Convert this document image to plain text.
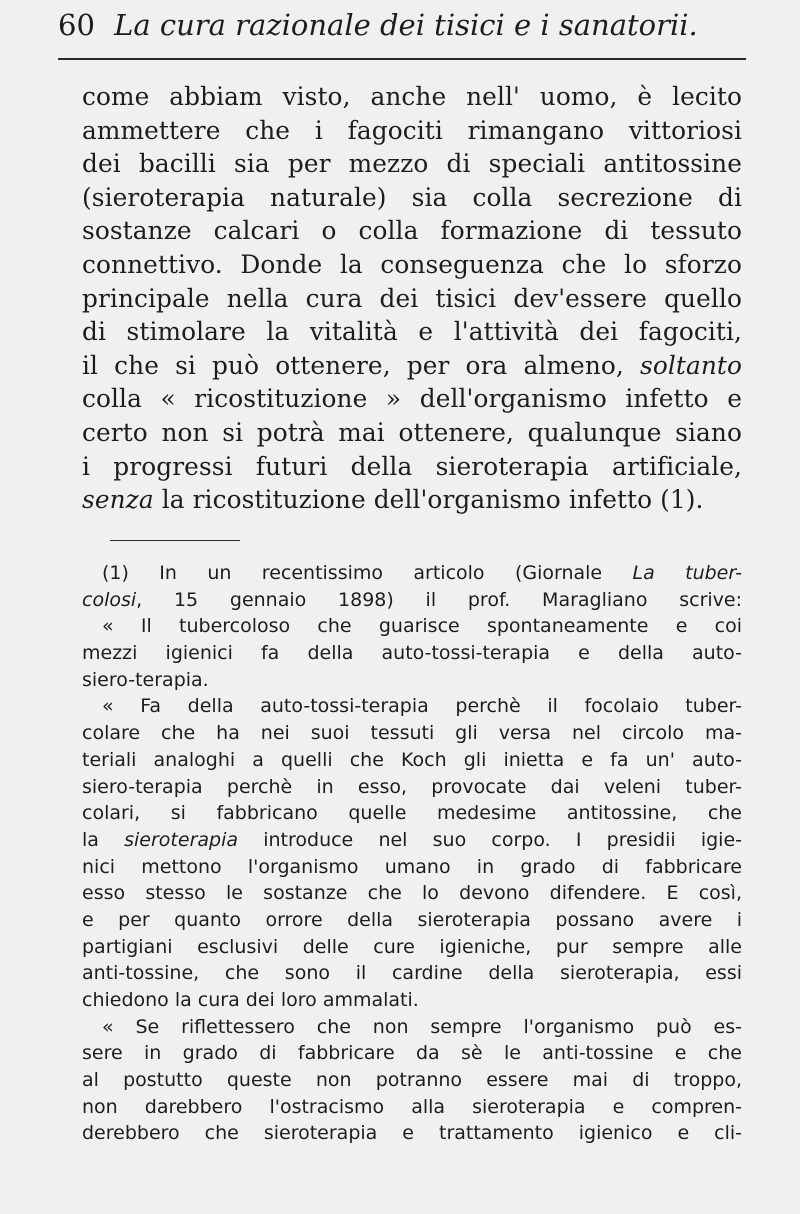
60 La cura razionale dei tisici e i sanatorii.
come abbiam visto, anche nell' uomo, è lecito
ammettere che i fagociti rimangano vittoriosi
dei bacilli sia per mezzo di speciali antitossine
(sieroterapia naturale) sia colla secrezione di
sostanze calcari o colla formazione di tessuto
connettivo. Donde la conseguenza che lo sforzo
principale nella cura dei tisici dev'essere quello
di stimolare la vitalità e l'attività dei fagociti,
il che si può ottenere, per ora almeno, soltanto
colla « ricostituzione » dell'organismo infetto e
certo non si potrà mai ottenere, qualunque siano
i progressi futuri della sieroterapia artificiale,
senza la ricostituzione dell'organismo infetto (1).
(1) In un recentissimo articolo (Giornale La tuber-
colosi, 15 gennaio 1898) il prof. Maragliano scrive:
« Il tubercoloso che guarisce spontaneamente e coi
mezzi igienici fa della auto-tossi-terapia e della auto-
siero-terapia.
« Fa della auto-tossi-terapia perchè il focolaio tuber-
colare che ha nei suoi tessuti gli versa nel circolo ma-
teriali analoghi a quelli che Koch gli inietta e fa un' auto-
siero-terapia perchè in esso, provocate dai veleni tuber-
colari, si fabbricano quelle medesime antitossine, che
la sieroterapia introduce nel suo corpo. I presidii igie-
nici mettono l'organismo umano in grado di fabbricare
esso stesso le sostanze che lo devono difendere. E così,
e per quanto orrore della sieroterapia possano avere i
partigiani esclusivi delle cure igieniche, pur sempre alle
anti-tossine, che sono il cardine della sieroterapia, essi
chiedono la cura dei loro ammalati.
« Se riflettessero che non sempre l'organismo può es-
sere in grado di fabbricare da sè le anti-tossine e che
al postutto queste non potranno essere mai di troppo,
non darebbero l'ostracismo alla sieroterapia e compren-
derebbero che sieroterapia e trattamento igienico e cli-
